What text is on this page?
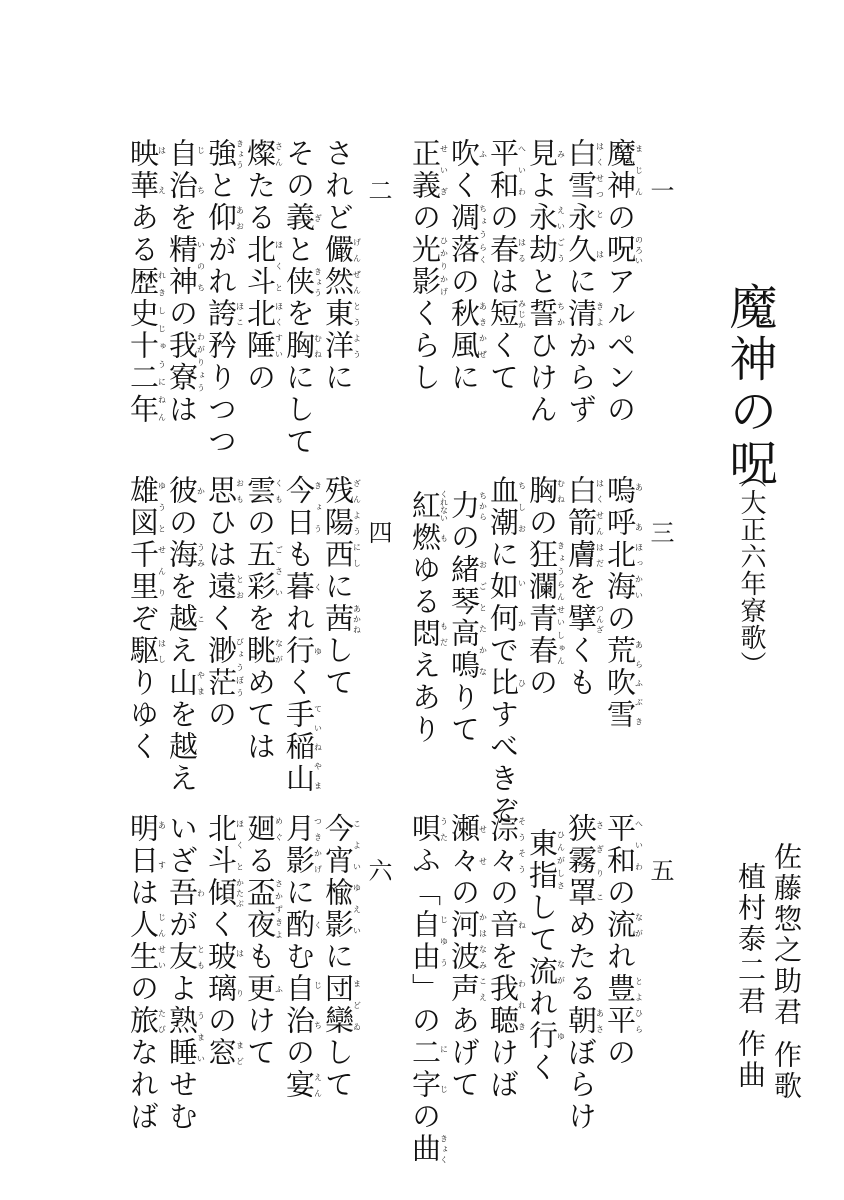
魔神の呪
（大正六年寮歌）
佐藤惣之助君 作歌
植村泰二君 作曲
一
魔神まじんの呪のろいアルペンの
白雪はくせつ永久とはに清きよからず
見みよ永劫えいごうと誓ちかひけん
平和へいわの春はるは短みじかくて
吹ふく凋落ちょうらくの秋風あきかぜに
正義せいぎの光影ひかりかげくらし
二
されど儼然東洋げんぜんとうように
その義ぎと侠きょうを胸むねにして
燦さんたる北斗ほくと北陲ほくすいの
強きょうと仰あおがれ誇ほこ矜りつつ
自治じちを精神いのちの我寮わがりょうは
映華はえある歴史十二年れきしじゅうにねん
三
嗚呼ああ北海ほっかいの荒吹雪あらふぶき
白箭膚はくせんはだを擘つんざくも
胸むねの狂瀾青春きょうらんせいしゅんの
血潮ちしおに如何いかで比ひすべきぞ
力ちからの緒琴高鳴おごとたかなりて
紅くれない燃もゆる悶もだえあり
四
残陽西ざんようにしに茜あかねして
今日きょうも暮くれ行ゆく手稲山ていねやま
雲くもの五彩ごさいを眺ながめては
思おもひは遠とおく渺茫びょうぼうの
彼かの海うみを越こえ山やまを越え
雄図千里ゆうとせんりぞ駆はしりゆく
五
平和へいわの流ながれ豊平とよひらの
狭霧罩さぎりこめたる朝あさぼらけ
東指ひんがしさして流ながれ行ゆく
淙々そうそうの音ねを我聴われきけば
瀬せ々せの河波声かはなみこえあげて
唄うたふ「自由じゆう」の二字にじの曲きょく
六
今宵楡影こよいゆえいに団欒まどゐして
月影つきかげに酌くむ自治じちの宴えん
廻めぐる盃夜さかずきよも更ふけて
北斗ほくと傾かたぶく玻璃はりの窓まど
いざ吾わが友ともよ熟睡うまいせむ
明日あすは人生じんせいの旅たびなれば
